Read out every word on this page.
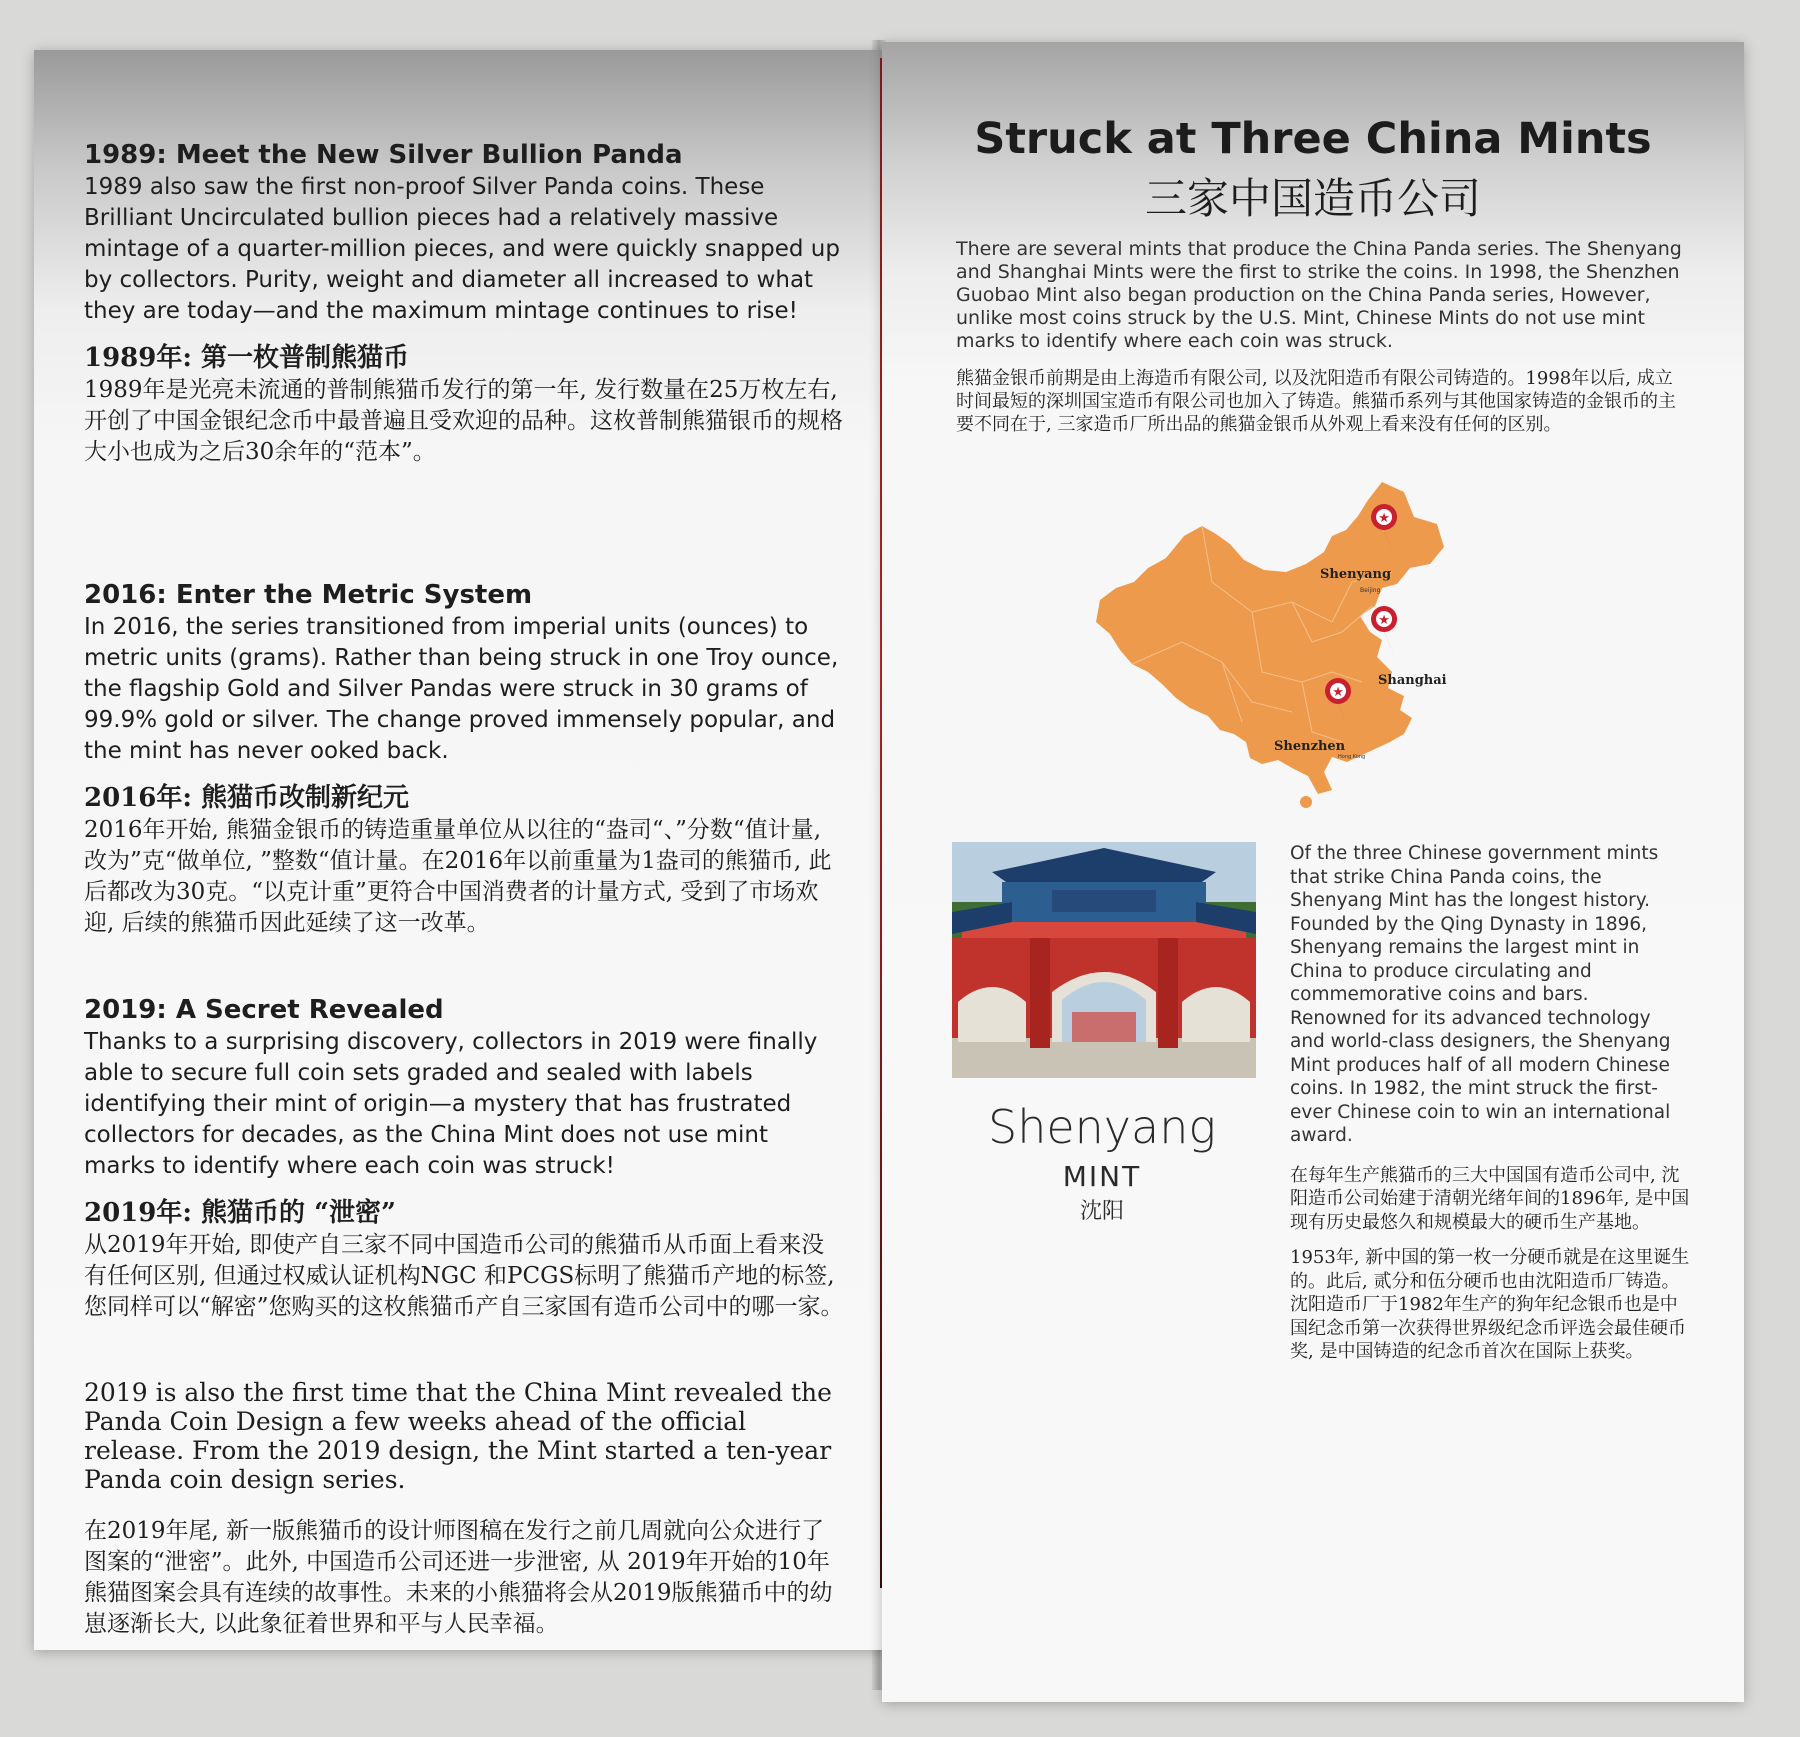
1989: Meet the New Silver Bullion Panda

1989 also saw the first non-proof Silver Panda coins. These Brilliant Uncirculated bullion pieces had a relatively massive mintage of a quarter-million pieces, and were quickly snapped up by collectors. Purity, weight and diameter all increased to what they are today—and the maximum mintage continues to rise!

1989年: 第一枚普制熊猫币

1989年是光亮未流通的普制熊猫币发行的第一年, 发行数量在25万枚左右, 开创了中国金银纪念币中最普遍且受欢迎的品种。这枚普制熊猫银币的规格大小也成为之后30余年的“范本”。

2016: Enter the Metric System

In 2016, the series transitioned from imperial units (ounces) to metric units (grams). Rather than being struck in one Troy ounce, the flagship Gold and Silver Pandas were struck in 30 grams of 99.9% gold or silver. The change proved immensely popular, and the mint has never ooked back.

2016年: 熊猫币改制新纪元

2016年开始, 熊猫金银币的铸造重量单位从以往的“盎司“、”分数“值计量, 改为”克“做单位, ”整数“值计量。在2016年以前重量为1盎司的熊猫币, 此后都改为30克。“以克计重”更符合中国消费者的计量方式, 受到了市场欢迎, 后续的熊猫币因此延续了这一改革。

2019: A Secret Revealed

Thanks to a surprising discovery, collectors in 2019 were finally able to secure full coin sets graded and sealed with labels identifying their mint of origin—a mystery that has frustrated collectors for decades, as the China Mint does not use mint marks to identify where each coin was struck!

2019年: 熊猫币的 “泄密”

从2019年开始, 即使产自三家不同中国造币公司的熊猫币从币面上看来没有任何区别, 但通过权威认证机构NGC 和PCGS标明了熊猫币产地的标签, 您同样可以“解密”您购买的这枚熊猫币产自三家国有造币公司中的哪一家。

2019 is also the first time that the China Mint revealed the Panda Coin Design a few weeks ahead of the official release. From the 2019 design, the Mint started a ten-year Panda coin design series.

在2019年尾, 新一版熊猫币的设计师图稿在发行之前几周就向公众进行了图案的“泄密”。此外, 中国造币公司还进一步泄密, 从 2019年开始的10年熊猫图案会具有连续的故事性。未来的小熊猫将会从2019版熊猫币中的幼崽逐渐长大, 以此象征着世界和平与人民幸福。

Struck at Three China Mints
三家中国造币公司

There are several mints that produce the China Panda series. The Shenyang and Shanghai Mints were the first to strike the coins. In 1998, the Shenzhen Guobao Mint also began production on the China Panda series, However, unlike most coins struck by the U.S. Mint, Chinese Mints do not use mint marks to identify where each coin was struck.

熊猫金银币前期是由上海造币有限公司, 以及沈阳造币有限公司铸造的。1998年以后, 成立时间最短的深圳国宝造币有限公司也加入了铸造。熊猫币系列与其他国家铸造的金银币的主要不同在于, 三家造币厂所出品的熊猫金银币从外观上看来没有任何的区别。

★
★
★
Shenyang
Shanghai
Shenzhen
Beijing
Hong Kong
Shenyang
MINT
沈阳

Of the three Chinese government mints that strike China Panda coins, the Shenyang Mint has the longest history. Founded by the Qing Dynasty in 1896, Shenyang remains the largest mint in China to produce circulating and commemorative coins and bars. Renowned for its advanced technology and world-class designers, the Shenyang Mint produces half of all modern Chinese coins. In 1982, the mint struck the first-ever Chinese coin to win an international award.

在每年生产熊猫币的三大中国国有造币公司中, 沈阳造币公司始建于清朝光绪年间的1896年, 是中国现有历史最悠久和规模最大的硬币生产基地。

1953年, 新中国的第一枚一分硬币就是在这里诞生的。此后, 贰分和伍分硬币也由沈阳造币厂铸造。沈阳造币厂于1982年生产的狗年纪念银币也是中国纪念币第一次获得世界级纪念币评选会最佳硬币奖, 是中国铸造的纪念币首次在国际上获奖。
